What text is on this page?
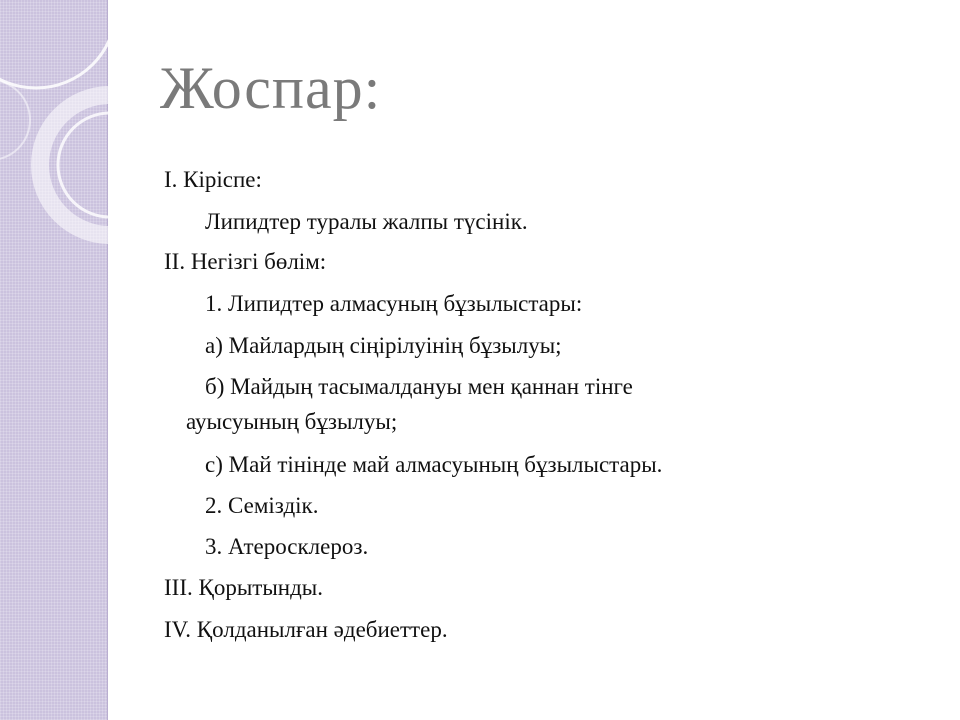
Жоспар:
I. Кіріспе:
Липидтер туралы жалпы түсінік.
II. Негізгі бөлім:
1. Липидтер алмасуның бұзылыстары:
а) Майлардың сіңірілуінің бұзылуы;
б) Майдың тасымалдануы мен қаннан тінге
ауысуының бұзылуы;
с) Май тінінде май алмасуының бұзылыстары.
2. Семіздік.
3. Атеросклероз.
III. Қорытынды.
IV. Қолданылған әдебиеттер.
